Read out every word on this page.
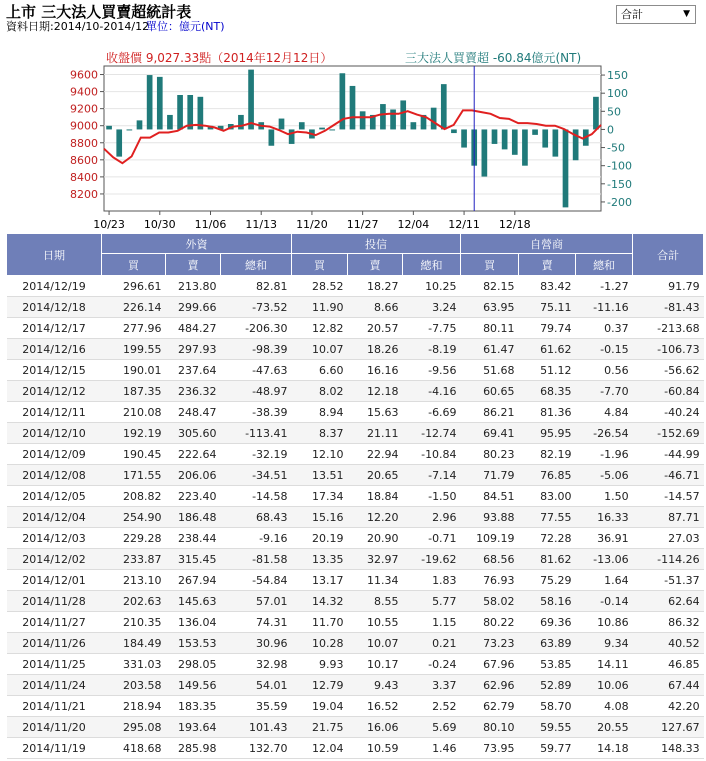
上市 三大法人買賣超統計表
資料日期:2014/10-2014/12
單位：億元(NT)
合計	▼
8200
8400
8600
8800
9000
9200
9400
9600	150
100
50
0
-50
-100
-150
-200
10/23 10/30 11/06 11/13 11/20 11/27 12/04 12/11 12/18
收盤價 9,027.33點（2014年12月12日）	三大法人買賣超 -60.84億元(NT)
日期	外資			投信			自營商			合計
	買	賣	總和	買	賣	總和	買	賣	總和	
2014/12/19	296.61	213.80	82.81	28.52	18.27	10.25	82.15	83.42	-1.27	91.79
2014/12/18	226.14	299.66	-73.52	11.90	8.66	3.24	63.95	75.11	-11.16	-81.43
2014/12/17	277.96	484.27	-206.30	12.82	20.57	-7.75	80.11	79.74	0.37	-213.68
2014/12/16	199.55	297.93	-98.39	10.07	18.26	-8.19	61.47	61.62	-0.15	-106.73
2014/12/15	190.01	237.64	-47.63	6.60	16.16	-9.56	51.68	51.12	0.56	-56.62
2014/12/12	187.35	236.32	-48.97	8.02	12.18	-4.16	60.65	68.35	-7.70	-60.84
2014/12/11	210.08	248.47	-38.39	8.94	15.63	-6.69	86.21	81.36	4.84	-40.24
2014/12/10	192.19	305.60	-113.41	8.37	21.11	-12.74	69.41	95.95	-26.54	-152.69
2014/12/09	190.45	222.64	-32.19	12.10	22.94	-10.84	80.23	82.19	-1.96	-44.99
2014/12/08	171.55	206.06	-34.51	13.51	20.65	-7.14	71.79	76.85	-5.06	-46.71
2014/12/05	208.82	223.40	-14.58	17.34	18.84	-1.50	84.51	83.00	1.50	-14.57
2014/12/04	254.90	186.48	68.43	15.16	12.20	2.96	93.88	77.55	16.33	87.71
2014/12/03	229.28	238.44	-9.16	20.19	20.90	-0.71	109.19	72.28	36.91	27.03
2014/12/02	233.87	315.45	-81.58	13.35	32.97	-19.62	68.56	81.62	-13.06	-114.26
2014/12/01	213.10	267.94	-54.84	13.17	11.34	1.83	76.93	75.29	1.64	-51.37
2014/11/28	202.63	145.63	57.01	14.32	8.55	5.77	58.02	58.16	-0.14	62.64
2014/11/27	210.35	136.04	74.31	11.70	10.55	1.15	80.22	69.36	10.86	86.32
2014/11/26	184.49	153.53	30.96	10.28	10.07	0.21	73.23	63.89	9.34	40.52
2014/11/25	331.03	298.05	32.98	9.93	10.17	-0.24	67.96	53.85	14.11	46.85
2014/11/24	203.58	149.56	54.01	12.79	9.43	3.37	62.96	52.89	10.06	67.44
2014/11/21	218.94	183.35	35.59	19.04	16.52	2.52	62.79	58.70	4.08	42.20
2014/11/20	295.08	193.64	101.43	21.75	16.06	5.69	80.10	59.55	20.55	127.67
2014/11/19	418.68	285.98	132.70	12.04	10.59	1.46	73.95	59.77	14.18	148.33
